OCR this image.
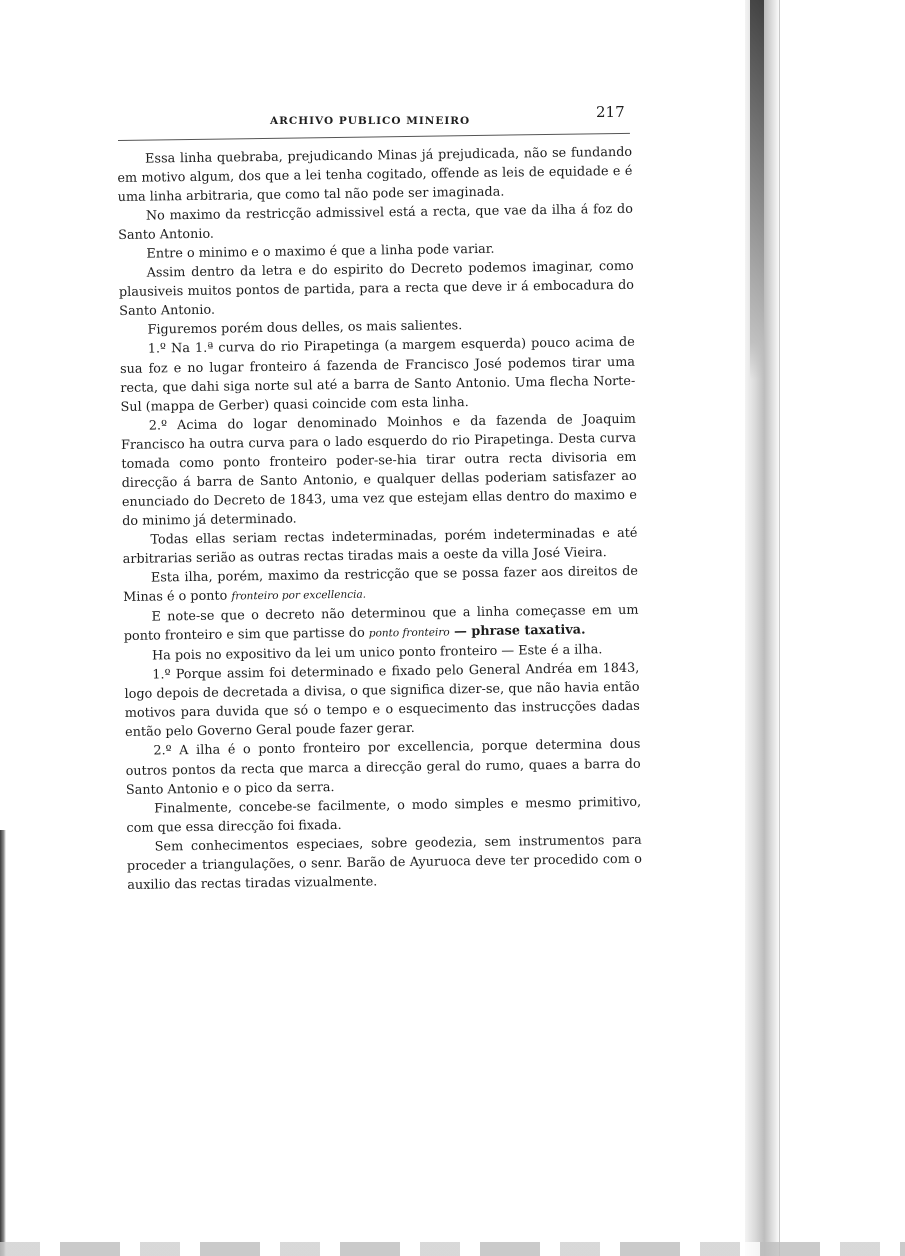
ARCHIVO PUBLICO MINEIRO	217

Essa linha quebraba, prejudicando Minas já prejudicada, não se fundando em motivo algum, dos que a lei tenha cogitado, offende as leis de equidade e é uma linha arbitraria, que como tal não pode ser imaginada.

No maximo da restricção admissivel está a recta, que vae da ilha á foz do Santo Antonio.

Entre o minimo e o maximo é que a linha pode variar.

Assim dentro da letra e do espirito do Decreto podemos imaginar, como plausiveis muitos pontos de partida, para a recta que deve ir á embocadura do Santo Antonio.

Figuremos porém dous delles, os mais salientes.

1.º Na 1.ª curva do rio Pirapetinga (a margem esquerda) pouco acima de sua foz e no lugar fronteiro á fazenda de Francisco José podemos tirar uma recta, que dahi siga norte sul até a barra de Santo Antonio. Uma flecha Norte-Sul (mappa de Gerber) quasi coincide com esta linha.

2.º Acima do logar denominado Moinhos e da fazenda de Joaquim Francisco ha outra curva para o lado esquerdo do rio Pirapetinga. Desta curva tomada como ponto fronteiro poder-se-hia tirar outra recta divisoria em direcção á barra de Santo Antonio, e qualquer dellas poderiam satisfazer ao enunciado do Decreto de 1843, uma vez que estejam ellas dentro do maximo e do minimo já determinado.

Todas ellas seriam rectas indeterminadas, porém indeterminadas e até arbitrarias serião as outras rectas tiradas mais a oeste da villa José Vieira.

Esta ilha, porém, maximo da restricção que se possa fazer aos direitos de Minas é o ponto fronteiro por excellencia.

E note-se que o decreto não determinou que a linha começasse em um ponto fronteiro e sim que partisse do ponto fronteiro — phrase taxativa.

Ha pois no expositivo da lei um unico ponto fronteiro — Este é a ilha.

1.º Porque assim foi determinado e fixado pelo General Andréa em 1843, logo depois de decretada a divisa, o que significa dizer-se, que não havia então motivos para duvida que só o tempo e o esquecimento das instrucções dadas então pelo Governo Geral poude fazer gerar.

2.º A ilha é o ponto fronteiro por excellencia, porque determina dous outros pontos da recta que marca a direcção geral do rumo, quaes a barra do Santo Antonio e o pico da serra.

Finalmente, concebe-se facilmente, o modo simples e mesmo primitivo, com que essa direcção foi fixada.

Sem conhecimentos especiaes, sobre geodezia, sem instrumentos para proceder a triangulações, o senr. Barão de Ayuruoca deve ter procedido com o auxilio das rectas tiradas vizualmente.
